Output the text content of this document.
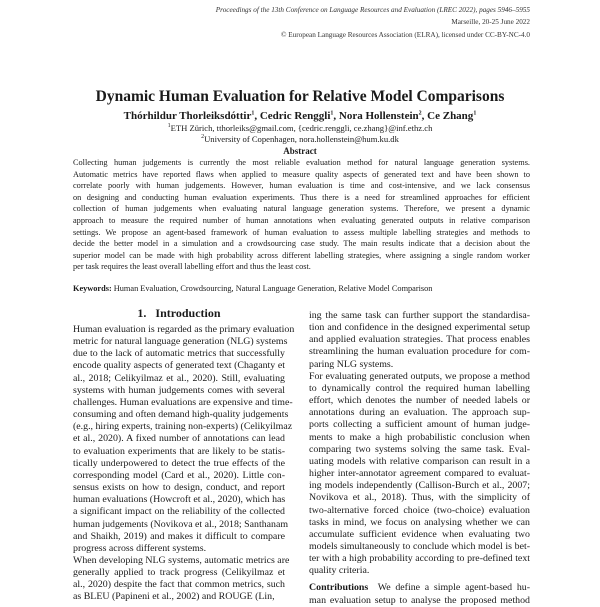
Proceedings of the 13th Conference on Language Resources and Evaluation (LREC 2022), pages 5946–5955
Marseille, 20-25 June 2022
© European Language Resources Association (ELRA), licensed under CC-BY-NC-4.0
Dynamic Human Evaluation for Relative Model Comparisons
Thórhildur Thorleiksdóttir$^1$, Cedric Renggli$^1$, Nora Hollenstein$^2$, Ce Zhang$^1$
$^1$ETH Zürich, tthorleiks@gmail.com, {cedric.renggli, ce.zhang}@inf.ethz.ch
$^2$University of Copenhagen, nora.hollenstein@hum.ku.dk
Abstract
Collecting human judgements is currently the most reliable evaluation method for natural language generation systems.
Automatic metrics have reported flaws when applied to measure quality aspects of generated text and have been shown to
correlate poorly with human judgements. However, human evaluation is time and cost-intensive, and we lack consensus
on designing and conducting human evaluation experiments. Thus there is a need for streamlined approaches for efficient
collection of human judgements when evaluating natural language generation systems. Therefore, we present a dynamic
approach to measure the required number of human annotations when evaluating generated outputs in relative comparison
settings. We propose an agent-based framework of human evaluation to assess multiple labelling strategies and methods to
decide the better model in a simulation and a crowdsourcing case study. The main results indicate that a decision about the
superior model can be made with high probability across different labelling strategies, where assigning a single random worker
per task requires the least overall labelling effort and thus the least cost.
Keywords: Human Evaluation, Crowdsourcing, Natural Language Generation, Relative Model Comparison
1. Introduction
Human evaluation is regarded as the primary evaluation
metric for natural language generation (NLG) systems
due to the lack of automatic metrics that successfully
encode quality aspects of generated text (Chaganty et
al., 2018; Celikyilmaz et al., 2020). Still, evaluating
systems with human judgements comes with several
challenges. Human evaluations are expensive and time-
consuming and often demand high-quality judgements
(e.g., hiring experts, training non-experts) (Celikyilmaz
et al., 2020). A fixed number of annotations can lead
to evaluation experiments that are likely to be statis-
tically underpowered to detect the true effects of the
corresponding model (Card et al., 2020). Little con-
sensus exists on how to design, conduct, and report
human evaluations (Howcroft et al., 2020), which has
a significant impact on the reliability of the collected
human judgements (Novikova et al., 2018; Santhanam
and Shaikh, 2019) and makes it difficult to compare
progress across different systems.
When developing NLG systems, automatic metrics are
generally applied to track progress (Celikyilmaz et
al., 2020) despite the fact that common metrics, such
as BLEU (Papineni et al., 2002) and ROUGE (Lin,
ing the same task can further support the standardisa-
tion and confidence in the designed experimental setup
and applied evaluation strategies. That process enables
streamlining the human evaluation procedure for com-
paring NLG systems.
For evaluating generated outputs, we propose a method
to dynamically control the required human labelling
effort, which denotes the number of needed labels or
annotations during an evaluation. The approach sup-
ports collecting a sufficient amount of human judge-
ments to make a high probabilistic conclusion when
comparing two systems solving the same task. Eval-
uating models with relative comparison can result in a
higher inter-annotator agreement compared to evaluat-
ing models independently (Callison-Burch et al., 2007;
Novikova et al., 2018). Thus, with the simplicity of
two-alternative forced choice (two-choice) evaluation
tasks in mind, we focus on analysing whether we can
accumulate sufficient evidence when evaluating two
models simultaneously to conclude which model is bet-
ter with a high probability according to pre-defined text
quality criteria.
Contributions  We define a simple agent-based hu-
man evaluation setup to analyse the proposed method
